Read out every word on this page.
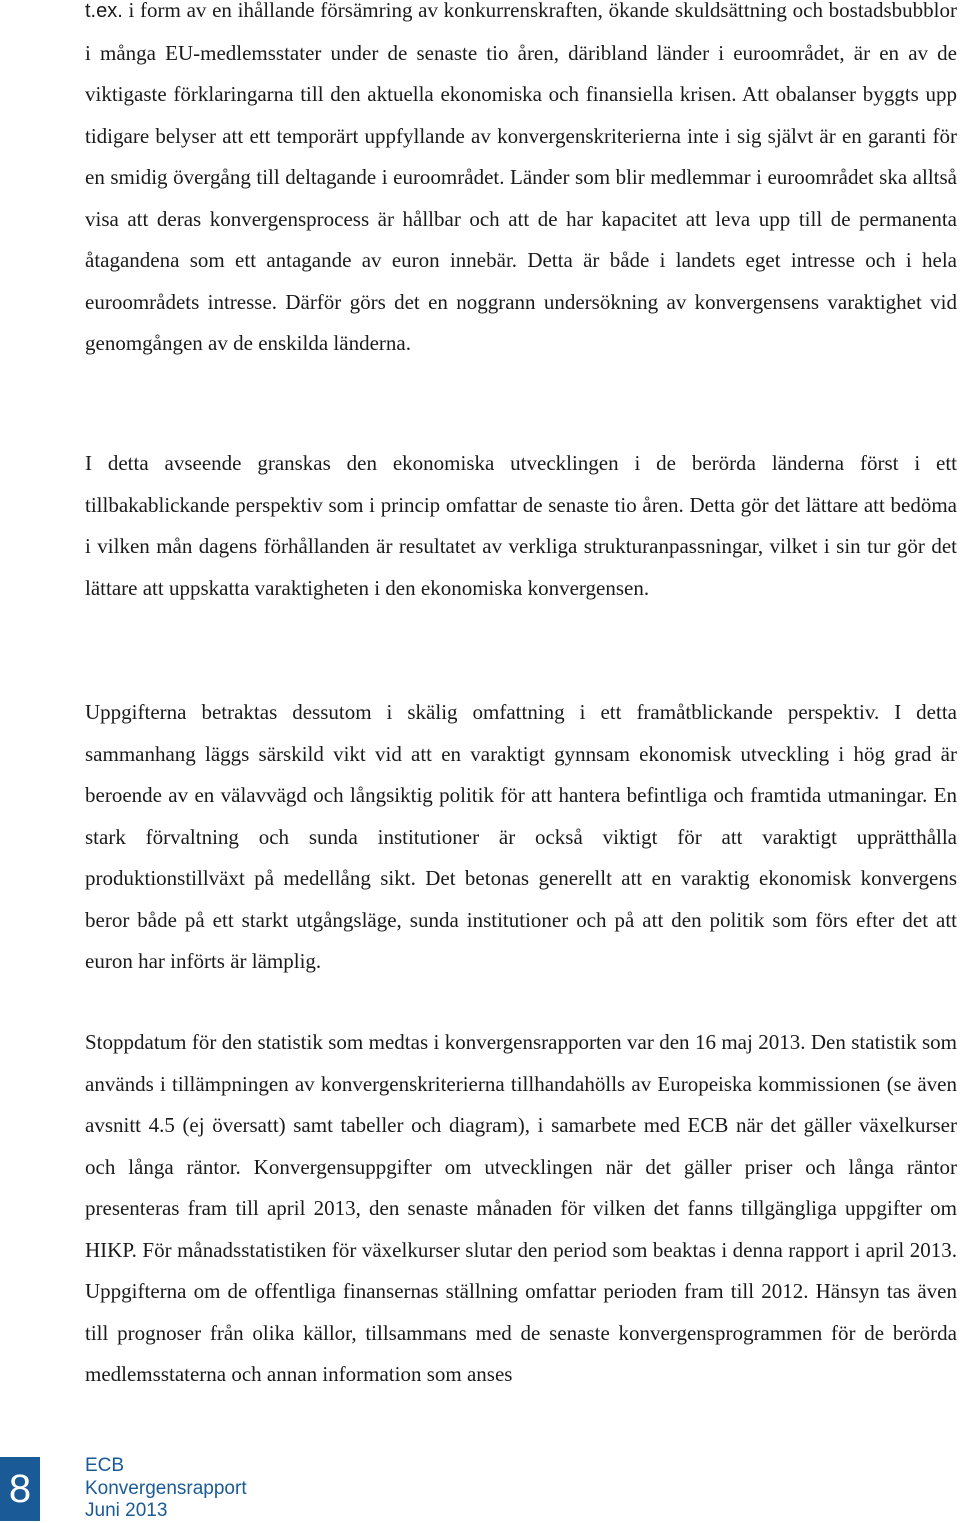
t.ex. i form av en ihållande försämring av konkurrenskraften, ökande skuldsättning och bostadsbubblor i många EU-medlemsstater under de senaste tio åren, däribland länder i euroområdet, är en av de viktigaste förklaringarna till den aktuella ekonomiska och finansiella krisen. Att obalanser byggts upp tidigare belyser att ett temporärt uppfyllande av konvergenskriterierna inte i sig självt är en garanti för en smidig övergång till deltagande i euroområdet. Länder som blir medlemmar i euroområdet ska alltså visa att deras konvergensprocess är hållbar och att de har kapacitet att leva upp till de permanenta åtagandena som ett antagande av euron innebär. Detta är både i landets eget intresse och i hela euroområdets intresse. Därför görs det en noggrann undersökning av konvergensens varaktighet vid genomgången av de enskilda länderna.

I detta avseende granskas den ekonomiska utvecklingen i de berörda länderna först i ett tillbakablickande perspektiv som i princip omfattar de senaste tio åren. Detta gör det lättare att bedöma i vilken mån dagens förhållanden är resultatet av verkliga strukturanpassningar, vilket i sin tur gör det lättare att uppskatta varaktigheten i den ekonomiska konvergensen.

Uppgifterna betraktas dessutom i skälig omfattning i ett framåtblickande perspektiv. I detta sammanhang läggs särskild vikt vid att en varaktigt gynnsam ekonomisk utveckling i hög grad är beroende av en välavvägd och långsiktig politik för att hantera befintliga och framtida utmaningar. En stark förvaltning och sunda institutioner är också viktigt för att varaktigt upprätthålla produktionstillväxt på medellång sikt. Det betonas generellt att en varaktig ekonomisk konvergens beror både på ett starkt utgångsläge, sunda institutioner och på att den politik som förs efter det att euron har införts är lämplig.

Stoppdatum för den statistik som medtas i konvergensrapporten var den 16 maj 2013. Den statistik som används i tillämpningen av konvergenskriterierna tillhandahölls av Europeiska kommissionen (se även avsnitt 4.5 (ej översatt) samt tabeller och diagram), i samarbete med ECB när det gäller växelkurser och långa räntor. Konvergensuppgifter om utvecklingen när det gäller priser och långa räntor presenteras fram till april 2013, den senaste månaden för vilken det fanns tillgängliga uppgifter om HIKP. För månadsstatistiken för växelkurser slutar den period som beaktas i denna rapport i april 2013. Uppgifterna om de offentliga finansernas ställning omfattar perioden fram till 2012. Hänsyn tas även till prognoser från olika källor, tillsammans med de senaste konvergensprogrammen för de berörda medlemsstaterna och annan information som anses

8
ECB
Konvergensrapport
Juni 2013
